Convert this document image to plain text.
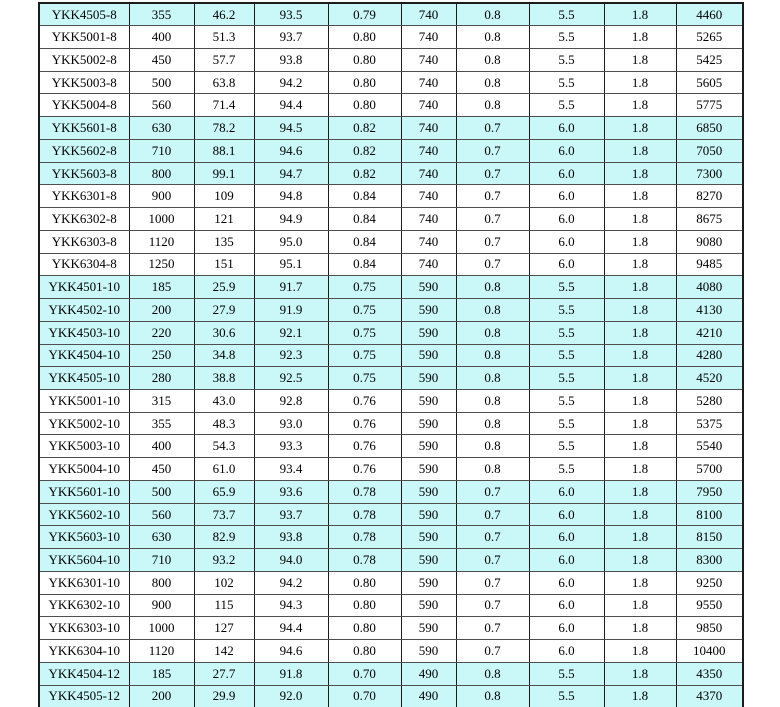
YKK4505-8	355	46.2	93.5	0.79	740	0.8	5.5	1.8	4460
YKK5001-8	400	51.3	93.7	0.80	740	0.8	5.5	1.8	5265
YKK5002-8	450	57.7	93.8	0.80	740	0.8	5.5	1.8	5425
YKK5003-8	500	63.8	94.2	0.80	740	0.8	5.5	1.8	5605
YKK5004-8	560	71.4	94.4	0.80	740	0.8	5.5	1.8	5775
YKK5601-8	630	78.2	94.5	0.82	740	0.7	6.0	1.8	6850
YKK5602-8	710	88.1	94.6	0.82	740	0.7	6.0	1.8	7050
YKK5603-8	800	99.1	94.7	0.82	740	0.7	6.0	1.8	7300
YKK6301-8	900	109	94.8	0.84	740	0.7	6.0	1.8	8270
YKK6302-8	1000	121	94.9	0.84	740	0.7	6.0	1.8	8675
YKK6303-8	1120	135	95.0	0.84	740	0.7	6.0	1.8	9080
YKK6304-8	1250	151	95.1	0.84	740	0.7	6.0	1.8	9485
YKK4501-10	185	25.9	91.7	0.75	590	0.8	5.5	1.8	4080
YKK4502-10	200	27.9	91.9	0.75	590	0.8	5.5	1.8	4130
YKK4503-10	220	30.6	92.1	0.75	590	0.8	5.5	1.8	4210
YKK4504-10	250	34.8	92.3	0.75	590	0.8	5.5	1.8	4280
YKK4505-10	280	38.8	92.5	0.75	590	0.8	5.5	1.8	4520
YKK5001-10	315	43.0	92.8	0.76	590	0.8	5.5	1.8	5280
YKK5002-10	355	48.3	93.0	0.76	590	0.8	5.5	1.8	5375
YKK5003-10	400	54.3	93.3	0.76	590	0.8	5.5	1.8	5540
YKK5004-10	450	61.0	93.4	0.76	590	0.8	5.5	1.8	5700
YKK5601-10	500	65.9	93.6	0.78	590	0.7	6.0	1.8	7950
YKK5602-10	560	73.7	93.7	0.78	590	0.7	6.0	1.8	8100
YKK5603-10	630	82.9	93.8	0.78	590	0.7	6.0	1.8	8150
YKK5604-10	710	93.2	94.0	0.78	590	0.7	6.0	1.8	8300
YKK6301-10	800	102	94.2	0.80	590	0.7	6.0	1.8	9250
YKK6302-10	900	115	94.3	0.80	590	0.7	6.0	1.8	9550
YKK6303-10	1000	127	94.4	0.80	590	0.7	6.0	1.8	9850
YKK6304-10	1120	142	94.6	0.80	590	0.7	6.0	1.8	10400
YKK4504-12	185	27.7	91.8	0.70	490	0.8	5.5	1.8	4350
YKK4505-12	200	29.9	92.0	0.70	490	0.8	5.5	1.8	4370
